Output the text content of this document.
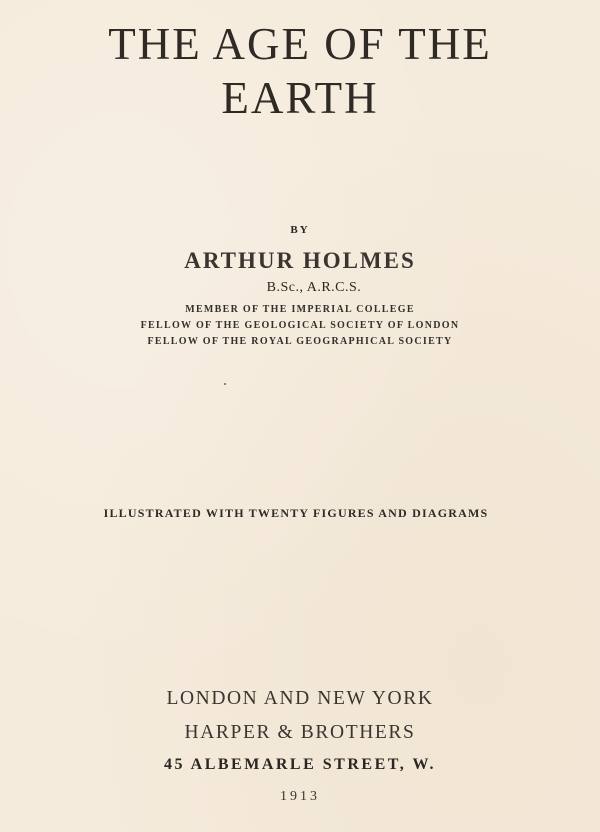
THE AGE OF THE
EARTH

BY

ARTHUR HOLMES

B.Sc., A.R.C.S.

MEMBER OF THE IMPERIAL COLLEGE

FELLOW OF THE GEOLOGICAL SOCIETY OF LONDON

FELLOW OF THE ROYAL GEOGRAPHICAL SOCIETY

ILLUSTRATED WITH TWENTY FIGURES AND DIAGRAMS

LONDON AND NEW YORK

HARPER & BROTHERS

45 ALBEMARLE STREET, W.

1913
